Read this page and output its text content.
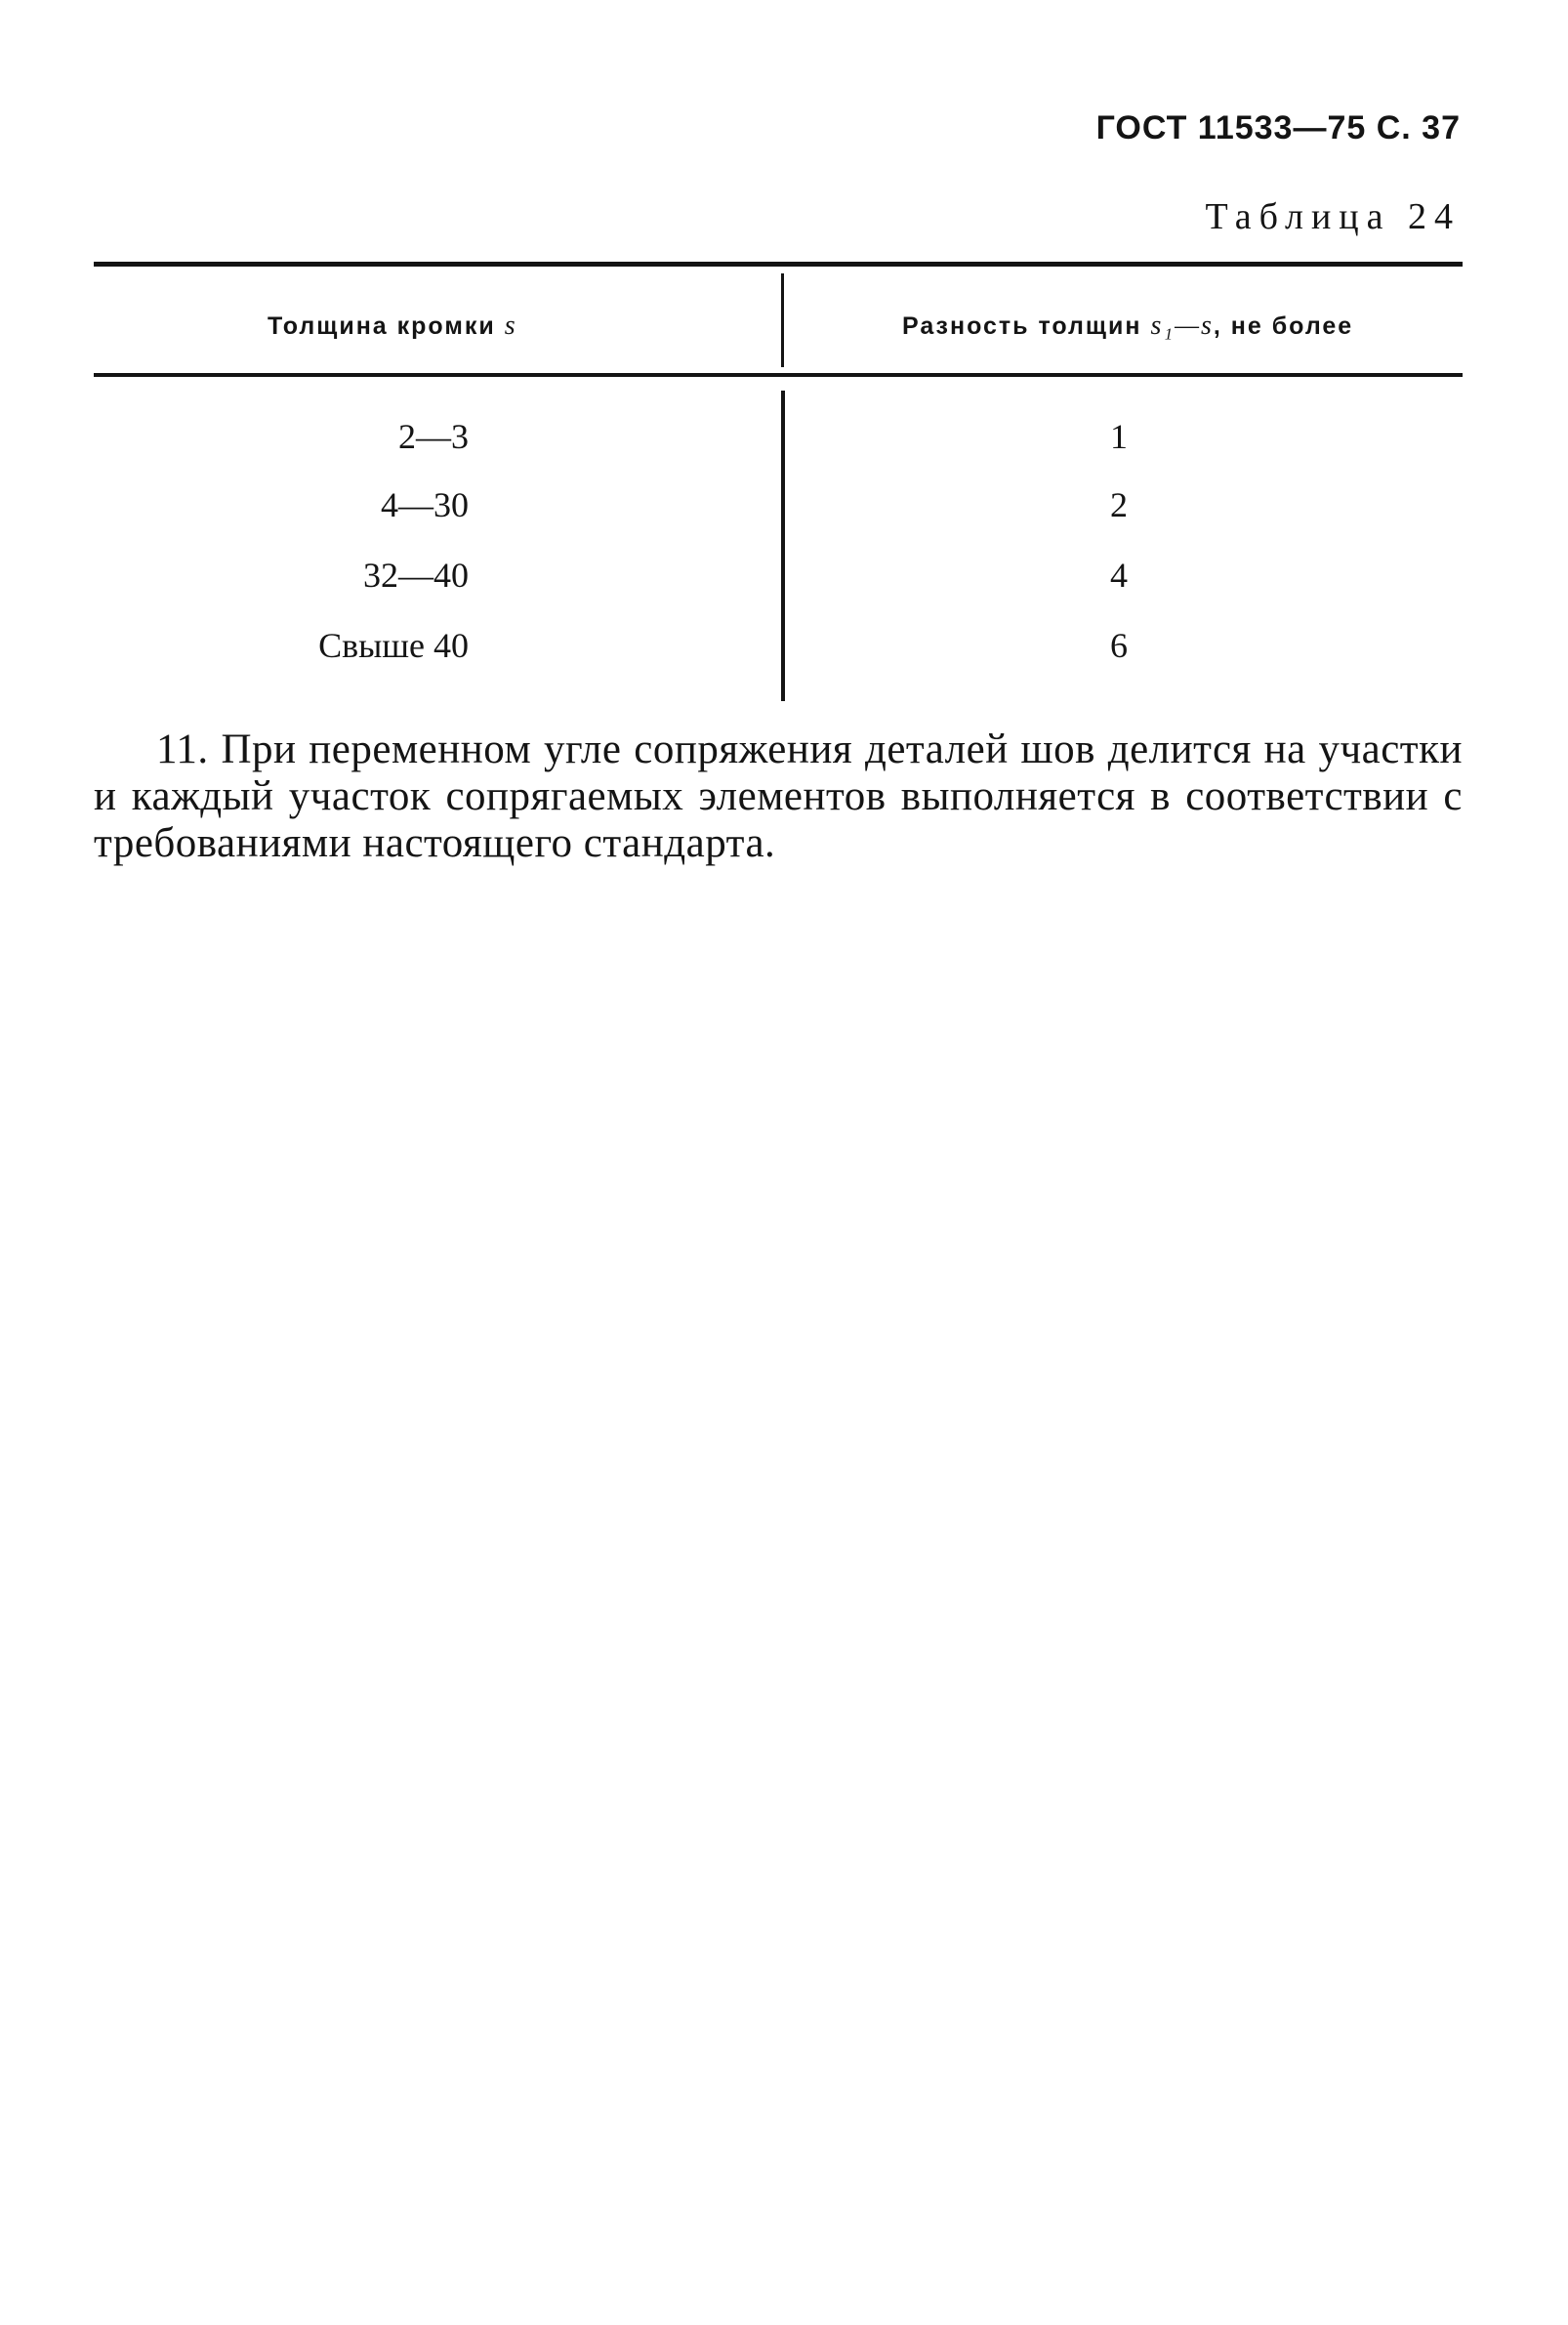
ГОСТ 11533—75 С. 37
Таблица 24
Толщина кромки s	Разность толщин s₁—s, не более
2—3	1
4—30	2
32—40	4
Свыше 40	6
11. При переменном угле сопряжения деталей шов делится на участки и каждый участок сопрягаемых элементов выполняется в соответствии с требованиями настоящего стандарта.
